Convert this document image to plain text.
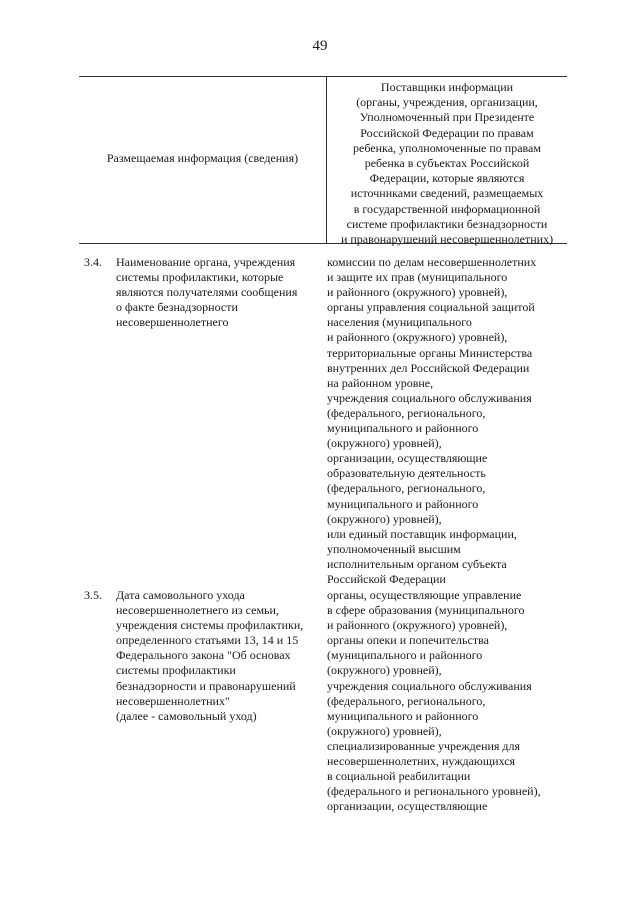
49
Размещаемая информация (сведения)
Поставщики информации
(органы, учреждения, организации,
Уполномоченный при Президенте
Российской Федерации по правам
ребенка, уполномоченные по правам
ребенка в субъектах Российской
Федерации, которые являются
источниками сведений, размещаемых
в государственной информационной
системе профилактики безнадзорности
и правонарушений несовершеннолетних)
3.4. Наименование органа, учреждения
системы профилактики, которые
являются получателями сообщения
о факте безнадзорности
несовершеннолетнего
комиссии по делам несовершеннолетних
и защите их прав (муниципального
и районного (окружного) уровней),
органы управления социальной защитой
населения (муниципального
и районного (окружного) уровней),
территориальные органы Министерства
внутренних дел Российской Федерации
на районном уровне,
учреждения социального обслуживания
(федерального, регионального,
муниципального и районного
(окружного) уровней),
организации, осуществляющие
образовательную деятельность
(федерального, регионального,
муниципального и районного
(окружного) уровней),
или единый поставщик информации,
уполномоченный высшим
исполнительным органом субъекта
Российской Федерации
3.5. Дата самовольного ухода
несовершеннолетнего из семьи,
учреждения системы профилактики,
определенного статьями 13, 14 и 15
Федерального закона "Об основах
системы профилактики
безнадзорности и правонарушений
несовершеннолетних"
(далее - самовольный уход)
органы, осуществляющие управление
в сфере образования (муниципального
и районного (окружного) уровней),
органы опеки и попечительства
(муниципального и районного
(окружного) уровней),
учреждения социального обслуживания
(федерального, регионального,
муниципального и районного
(окружного) уровней),
специализированные учреждения для
несовершеннолетних, нуждающихся
в социальной реабилитации
(федерального и регионального уровней),
организации, осуществляющие
